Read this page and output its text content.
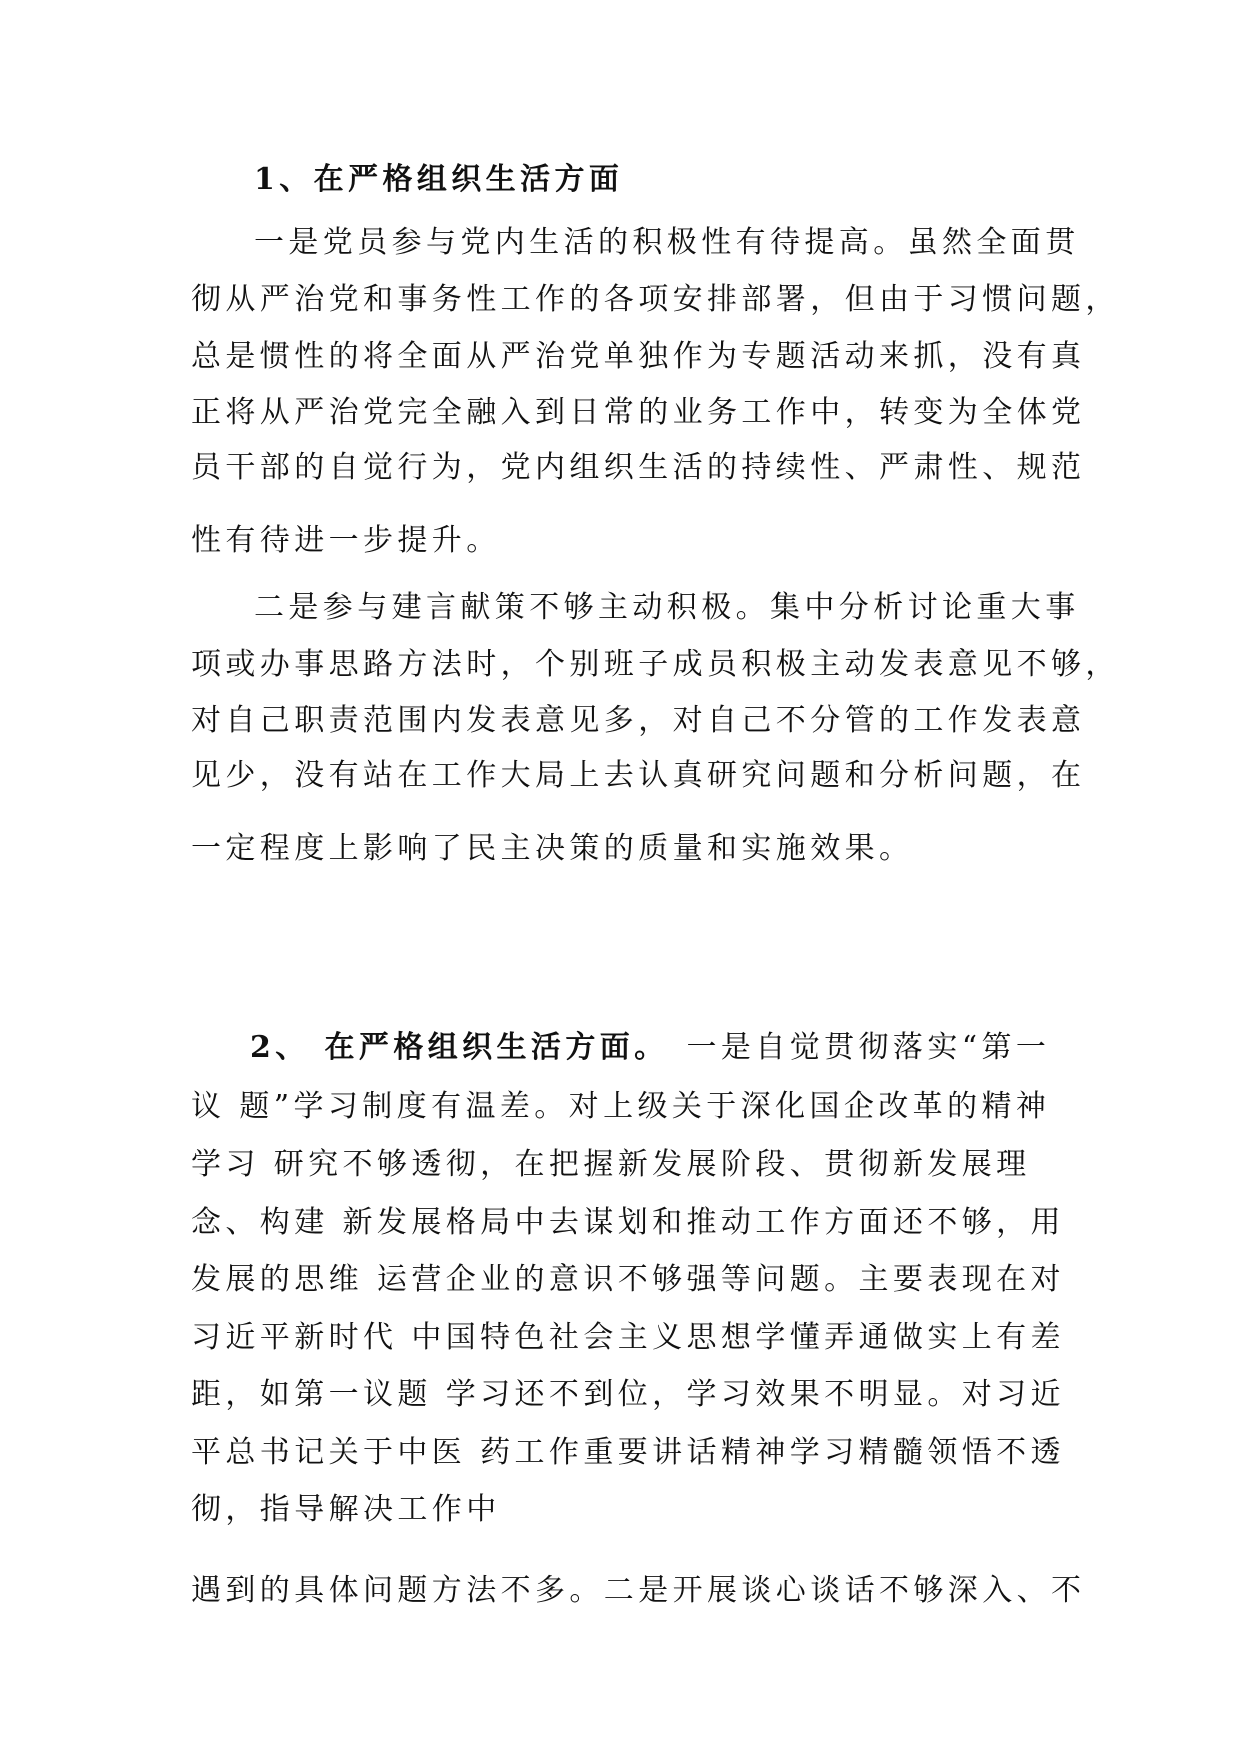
1、在严格组织生活方面
一是党员参与党内生活的积极性有待提高。虽然全面贯
彻从严治党和事务性工作的各项安排部署，但由于习惯问题，
总是惯性的将全面从严治党单独作为专题活动来抓，没有真
正将从严治党完全融入到日常的业务工作中，转变为全体党
员干部的自觉行为，党内组织生活的持续性、严肃性、规范
性有待进一步提升。
二是参与建言献策不够主动积极。集中分析讨论重大事
项或办事思路方法时，个别班子成员积极主动发表意见不够，
对自己职责范围内发表意见多，对自己不分管的工作发表意
见少，没有站在工作大局上去认真研究问题和分析问题，在
一定程度上影响了民主决策的质量和实施效果。
2、 在严格组织生活方面。 一是自觉贯彻落实“第一
议 题”学习制度有温差。对上级关于深化国企改革的精神
学习 研究不够透彻，在把握新发展阶段、贯彻新发展理
念、构建 新发展格局中去谋划和推动工作方面还不够，用
发展的思维 运营企业的意识不够强等问题。主要表现在对
习近平新时代 中国特色社会主义思想学懂弄通做实上有差
距，如第一议题 学习还不到位，学习效果不明显。对习近
平总书记关于中医 药工作重要讲话精神学习精髓领悟不透
彻，指导解决工作中
遇到的具体问题方法不多。二是开展谈心谈话不够深入、不
